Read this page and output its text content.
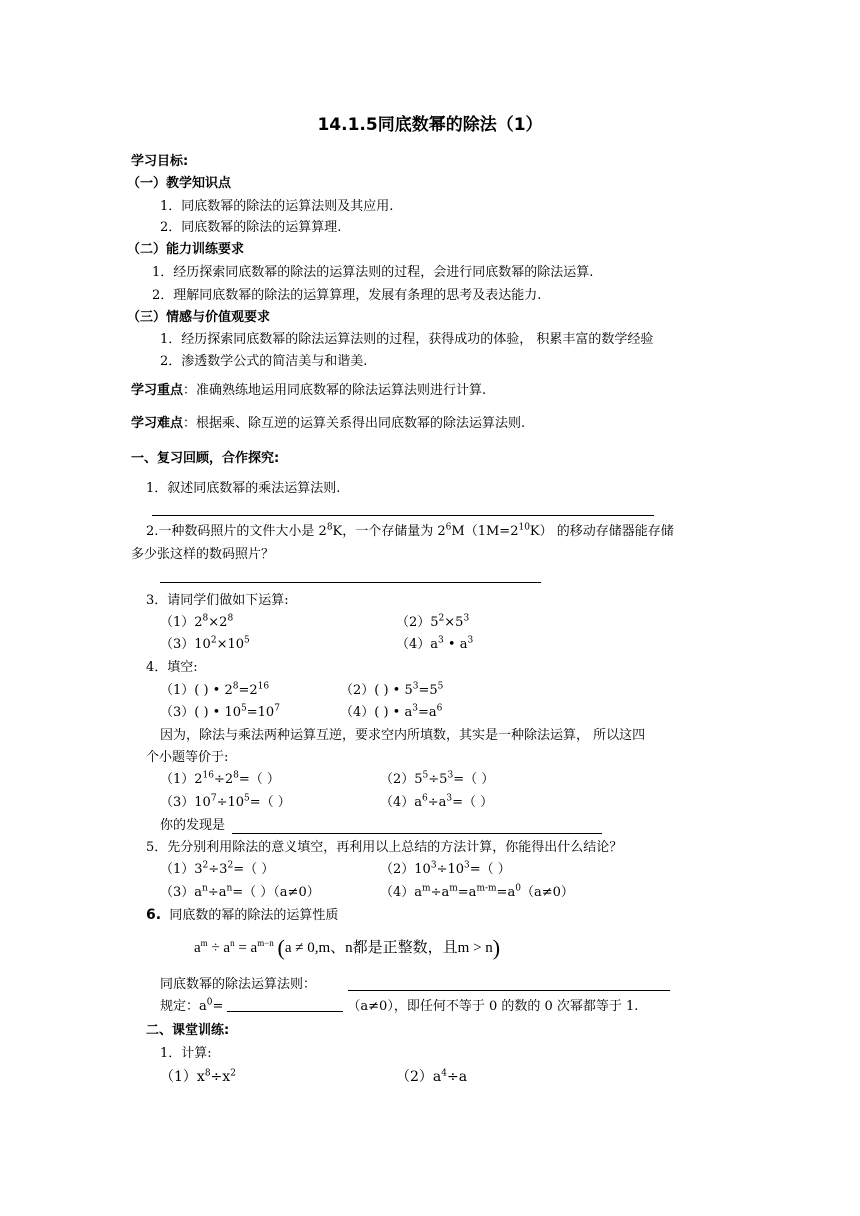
14.1.5同底数幂的除法（1）
学习目标:
（一）教学知识点
1．同底数幂的除法的运算法则及其应用.
2．同底数幂的除法的运算算理.
（二）能力训练要求
1．经历探索同底数幂的除法的运算法则的过程，会进行同底数幂的除法运算.
2．理解同底数幂的除法的运算算理，发展有条理的思考及表达能力.
（三）情感与价值观要求
1．经历探索同底数幂的除法运算法则的过程，获得成功的体验， 积累丰富的数学经验
2．渗透数学公式的简洁美与和谐美.
学习重点：准确熟练地运用同底数幂的除法运算法则进行计算.
学习难点：根据乘、除互逆的运算关系得出同底数幂的除法运算法则.
一、复习回顾，合作探究:
1．叙述同底数幂的乘法运算法则.
2.一种数码照片的文件大小是 $2^8K$，一个存储量为 $2^6M(1M=2^{10}K)$ 的移动存储器能存储
多少张这样的数码照片？
3．请同学们做如下运算:
$(1)2^8\times 2^8$	$(2)5^2\times 5^3$
$(3)10^2\times 10^5$	$(4)a^3$ • $a^3$
4．填空:
（1）( ) • $2^8=2^{16}$	（2）( ) • $5^3=5^5$
（3）( ) • $10^5=10^7$	（4）( ) • $a^3=a^6$
因为，除法与乘法两种运算互逆，要求空内所填数，其实是一种除法运算， 所以这四
个小题等价于:
$(1)2^{16}\div 2^8=$（ ）	$(2)5^5\div 5^3=$（ ）
$(3)10^7\div 10^5=$（ ）	$(4)a^6\div a^3=$（ ）
你的发现是
5．先分别利用除法的意义填空，再利用以上总结的方法计算，你能得出什么结论？
$(1)3^2\div 3^2=$（ ）	$(2)10^3\div 10^3=$（ ）
$(3)a^n\div a^n=$（ ）（a≠0）	$(4)a^m\div a^m=a^{m-m}=a^0(a\ne 0)$
6. 同底数的幂的除法的运算性质
$a^m \div a^n = a^{m-n}$ (a ≠ 0,m、n都是正整数，且m > n)
同底数幂的除法运算法则：
规定：$a^0=$	（a≠0），即任何不等于 0 的数的 0 次幂都等于 1.
二、课堂训练:
1．计算:
$(1)x^8\div x^2$	$(2)a^4\div a$
